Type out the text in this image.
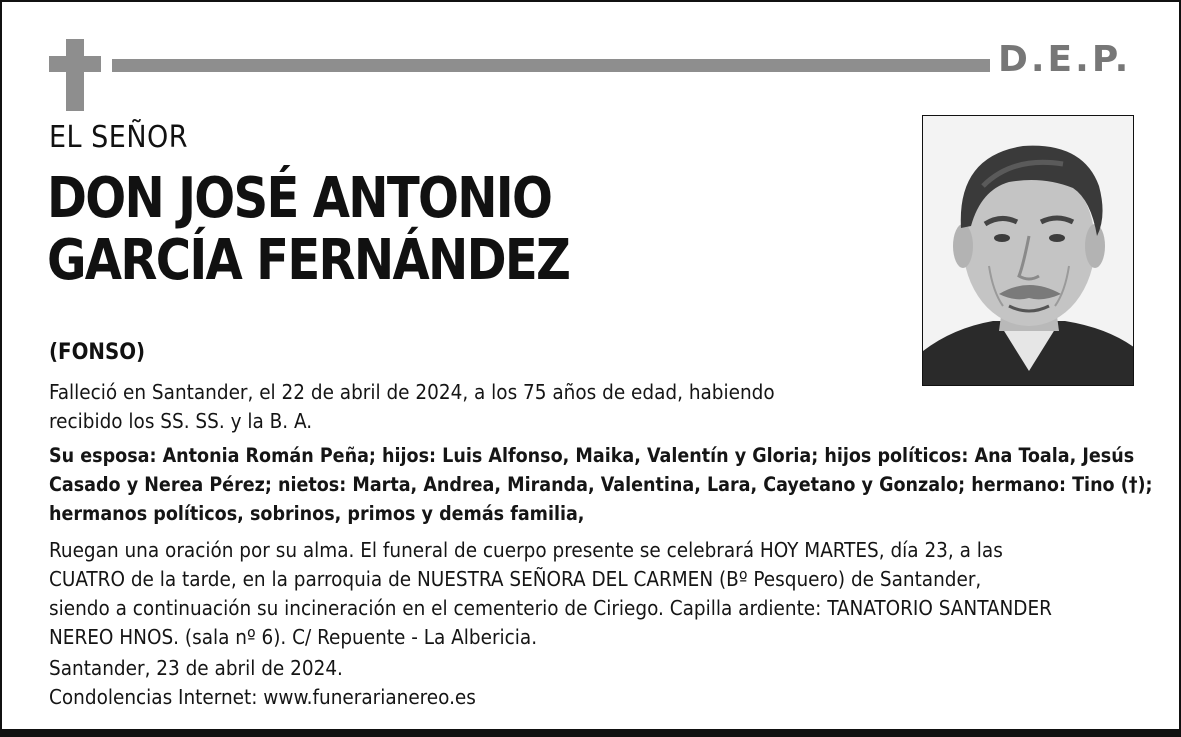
D.E.P.
EL SEÑOR
DON JOSÉ ANTONIO
GARCÍA FERNÁNDEZ
(FONSO)

Falleció en Santander, el 22 de abril de 2024, a los 75 años de edad, habiendo
recibido los SS. SS. y la B. A.

Su esposa: Antonia Román Peña; hijos: Luis Alfonso, Maika, Valentín y Gloria; hijos políticos: Ana Toala, Jesús
Casado y Nerea Pérez; nietos: Marta, Andrea, Miranda, Valentina, Lara, Cayetano y Gonzalo; hermano: Tino (†);
hermanos políticos, sobrinos, primos y demás familia,

Ruegan una oración por su alma. El funeral de cuerpo presente se celebrará HOY MARTES, día 23, a las
CUATRO de la tarde, en la parroquia de NUESTRA SEÑORA DEL CARMEN (Bº Pesquero) de Santander,
siendo a continuación su incineración en el cementerio de Ciriego. Capilla ardiente: TANATORIO SANTANDER
NEREO HNOS. (sala nº 6). C/ Repuente - La Albericia.

Santander, 23 de abril de 2024.
Condolencias Internet: www.funerarianereo.es
